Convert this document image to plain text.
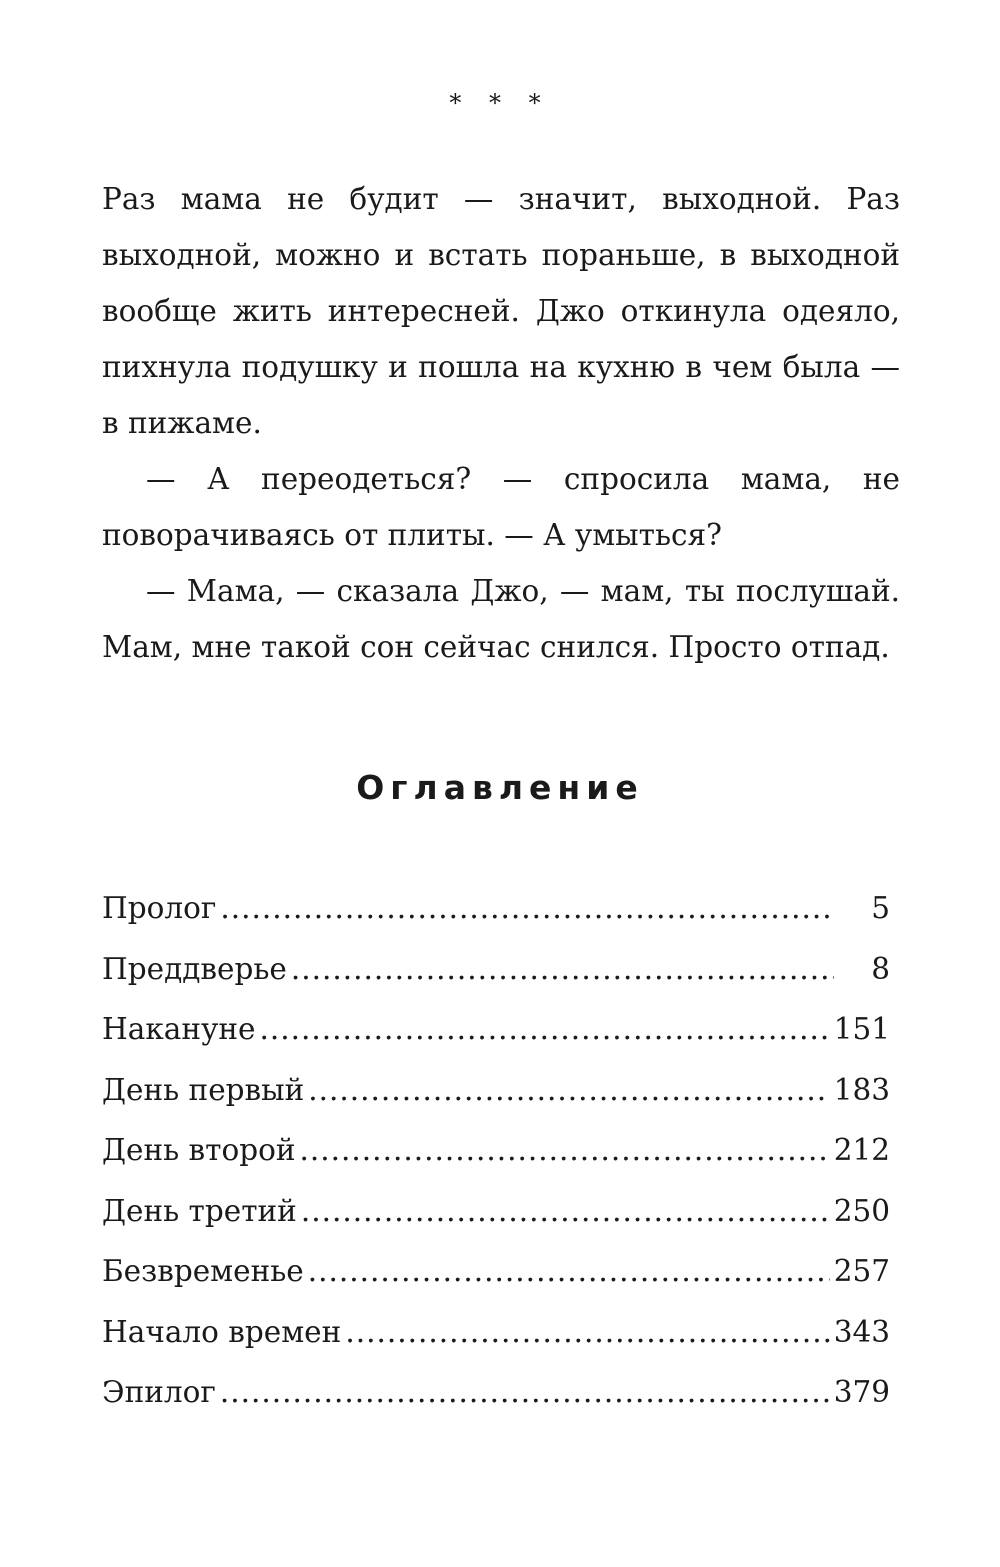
* * *

Раз мама не будит — значит, выходной. Раз выходной, можно и встать пораньше, в выходной вообще жить интересней. Джо откинула одеяло, пихнула подушку и пошла на кухню в чем была — в пижаме.

— А переодеться? — спросила мама, не поворачиваясь от плиты. — А умыться?

— Мама, — сказала Джо, — мам, ты послушай. Мам, мне такой сон сейчас снился. Просто отпад.

Оглавление
Пролог .....	5
Преддверье .....	8
Накануне .....	151
День первый .....	183
День второй .....	212
День третий .....	250
Безвременье .....	257
Начало времен .....	343
Эпилог .....	379
